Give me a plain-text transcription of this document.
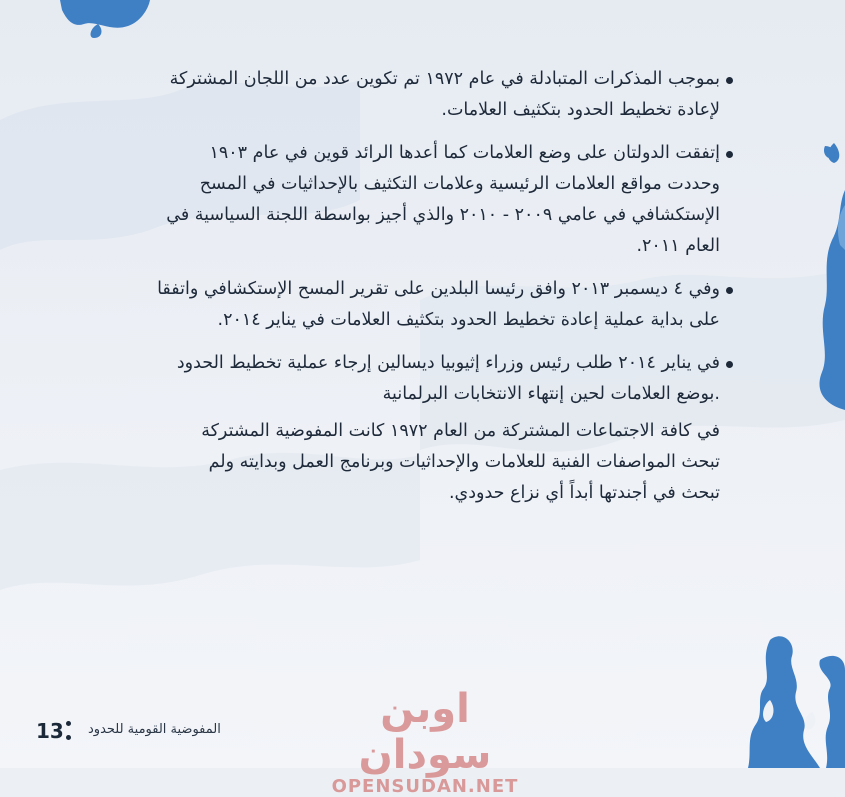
بموجب المذكرات المتبادلة في عام ١٩٧٢ تم تكوين عدد من اللجان المشتركة
لإعادة تخطيط الحدود بتكثيف العلامات.
إتفقت الدولتان على وضع العلامات كما أعدها الرائد قوين في عام ١٩٠٣
وحددت مواقع العلامات الرئيسية وعلامات التكثيف بالإحداثيات في المسح
الإستكشافي في عامي ٢٠٠٩ - ٢٠١٠ والذي أجيز بواسطة اللجنة السياسية في
العام ٢٠١١.
وفي ٤ ديسمبر ٢٠١٣ وافق رئيسا البلدين على تقرير المسح الإستكشافي واتفقا
على بداية عملية إعادة تخطيط الحدود بتكثيف العلامات في يناير ٢٠١٤.
في يناير ٢٠١٤ طلب رئيس وزراء إثيوبيا ديسالين إرجاء عملية تخطيط الحدود
.بوضع العلامات لحين إنتهاء الانتخابات البرلمانية
في كافة الاجتماعات المشتركة من العام ١٩٧٢ كانت المفوضية المشتركة
تبحث المواصفات الفنية للعلامات والإحداثيات وبرنامج العمل وبدايته ولم
تبحث في أجندتها أبداً أي نزاع حدودي.
13 المفوضية القومية للحدود	اوبن سودان
OPENSUDAN.NET
